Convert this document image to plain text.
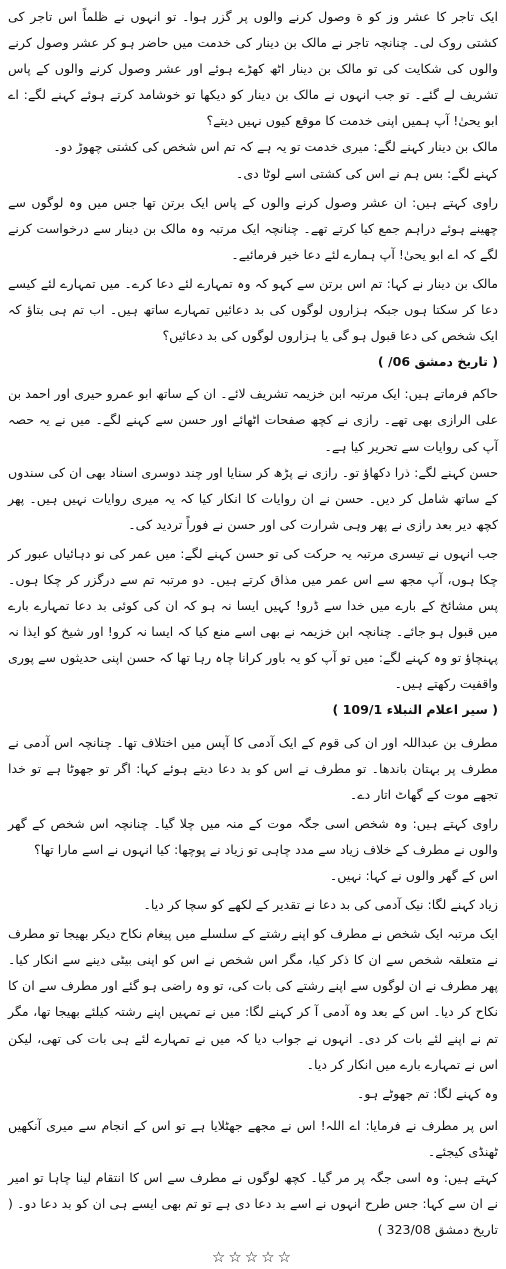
ایک تاجر کا عشر وز کو ة وصول کرنے والوں پر گزر ہوا۔ تو انہوں نے ظلماً اس تاجر کی کشتی روک لی۔ چنانچہ تاجر نے مالک بن دینار کی خدمت میں حاضر ہو کر عشر وصول کرنے والوں کی شکایت کی تو مالک بن دینار اٹھ کھڑے ہوئے اور عشر وصول کرنے والوں کے پاس تشریف لے گئے۔ تو جب انہوں نے مالک بن دینار کو دیکھا تو خوشامد کرتے ہوئے کہنے لگے: اے ابو یحیٰ! آپ ہمیں اپنی خدمت کا موقع کیوں نہیں دیتے؟

مالک بن دینار کہنے لگے: میری خدمت تو یہ ہے کہ تم اس شخص کی کشتی چھوڑ دو۔

کہنے لگے: بس ہم نے اس کی کشتی اسے لوٹا دی۔

راوی کہتے ہیں: ان عشر وصول کرنے والوں کے پاس ایک برتن تھا جس میں وہ لوگوں سے چھینے ہوئے دراہم جمع کیا کرتے تھے۔ چنانچہ ایک مرتبہ وہ مالک بن دینار سے درخواست کرنے لگے کہ اے ابو یحیٰ! آپ ہمارے لئے دعا خیر فرمائیے۔

مالک بن دینار نے کہا: تم اس برتن سے کہو کہ وہ تمہارے لئے دعا کرے۔ میں تمہارے لئے کیسے دعا کر سکتا ہوں جبکہ ہزاروں لوگوں کی بد دعائیں تمہارے ساتھ ہیں۔ اب تم ہی بتاؤ کہ ایک شخص کی دعا قبول ہو گی یا ہزاروں لوگوں کی بد دعائیں؟

( تاریخ دمشق 06/ )

حاکم فرماتے ہیں: ایک مرتبہ ابن خزیمہ تشریف لائے۔ ان کے ساتھ ابو عمرو حیری اور احمد بن علی الرازی بھی تھے۔ رازی نے کچھ صفحات اٹھائے اور حسن سے کہنے لگے۔ میں نے یہ حصہ آپ کی روایات سے تحریر کیا ہے۔

حسن کہنے لگے: ذرا دکھاؤ تو۔ رازی نے پڑھ کر سنایا اور چند دوسری اسناد بھی ان کی سندوں کے ساتھ شامل کر دیں۔ حسن نے ان روایات کا انکار کیا کہ یہ میری روایات نہیں ہیں۔ پھر کچھ دیر بعد رازی نے پھر وہی شرارت کی اور حسن نے فوراً تردید کی۔

جب انہوں نے تیسری مرتبہ یہ حرکت کی تو حسن کہنے لگے: میں عمر کی نو دہائیاں عبور کر چکا ہوں، آپ مجھ سے اس عمر میں مذاق کرتے ہیں۔ دو مرتبہ تم سے درگزر کر چکا ہوں۔ پس مشائخ کے بارے میں خدا سے ڈرو! کہیں ایسا نہ ہو کہ ان کی کوئی بد دعا تمہارے بارے میں قبول ہو جائے۔ چنانچہ ابن خزیمہ نے بھی اسے منع کیا کہ ایسا نہ کرو! اور شیخ کو ایذا نہ پہنچاؤ تو وہ کہنے لگے: میں تو آپ کو یہ باور کرانا چاہ رہا تھا کہ حسن اپنی حدیثوں سے پوری واقفیت رکھتے ہیں۔

( سیر اعلام النبلاء 109/1 )

مطرف بن عبداللہ اور ان کی قوم کے ایک آدمی کا آپس میں اختلاف تھا۔ چنانچہ اس آدمی نے مطرف پر بہتان باندھا۔ تو مطرف نے اس کو بد دعا دیتے ہوئے کہا: اگر تو جھوٹا ہے تو خدا تجھے موت کے گھاٹ اتار دے۔

راوی کہتے ہیں: وہ شخص اسی جگہ موت کے منہ میں چلا گیا۔ چنانچہ اس شخص کے گھر والوں نے مطرف کے خلاف زیاد سے مدد چاہی تو زیاد نے پوچھا: کیا انہوں نے اسے مارا تھا؟

اس کے گھر والوں نے کہا: نہیں۔

زیاد کہنے لگا: نیک آدمی کی بد دعا نے تقدیر کے لکھے کو سچا کر دیا۔

ایک مرتبہ ایک شخص نے مطرف کو اپنے رشتے کے سلسلے میں پیغام نکاح دیکر بھیجا تو مطرف نے متعلقہ شخص سے ان کا ذکر کیا، مگر اس شخص نے اس کو اپنی بیٹی دینے سے انکار کیا۔ پھر مطرف نے ان لوگوں سے اپنے رشتے کی بات کی، تو وہ راضی ہو گئے اور مطرف سے ان کا نکاح کر دیا۔ اس کے بعد وہ آدمی آ کر کہنے لگا: میں نے تمہیں اپنے رشتہ کیلئے بھیجا تھا، مگر تم نے اپنے لئے بات کر دی۔ انہوں نے جواب دیا کہ میں نے تمہارے لئے ہی بات کی تھی، لیکن اس نے تمہارے بارے میں انکار کر دیا۔

وہ کہنے لگا: تم جھوٹے ہو۔

اس پر مطرف نے فرمایا: اے اللہ! اس نے مجھے جھٹلایا ہے تو اس کے انجام سے میری آنکھیں ٹھنڈی کیجئے۔

کہتے ہیں: وہ اسی جگہ پر مر گیا۔ کچھ لوگوں نے مطرف سے اس کا انتقام لینا چاہا تو امیر نے ان سے کہا: جس طرح انہوں نے اسے بد دعا دی ہے تو تم بھی ایسے ہی ان کو بد دعا دو۔ ( تاریخ دمشق 323/08 )

☆☆☆☆☆
